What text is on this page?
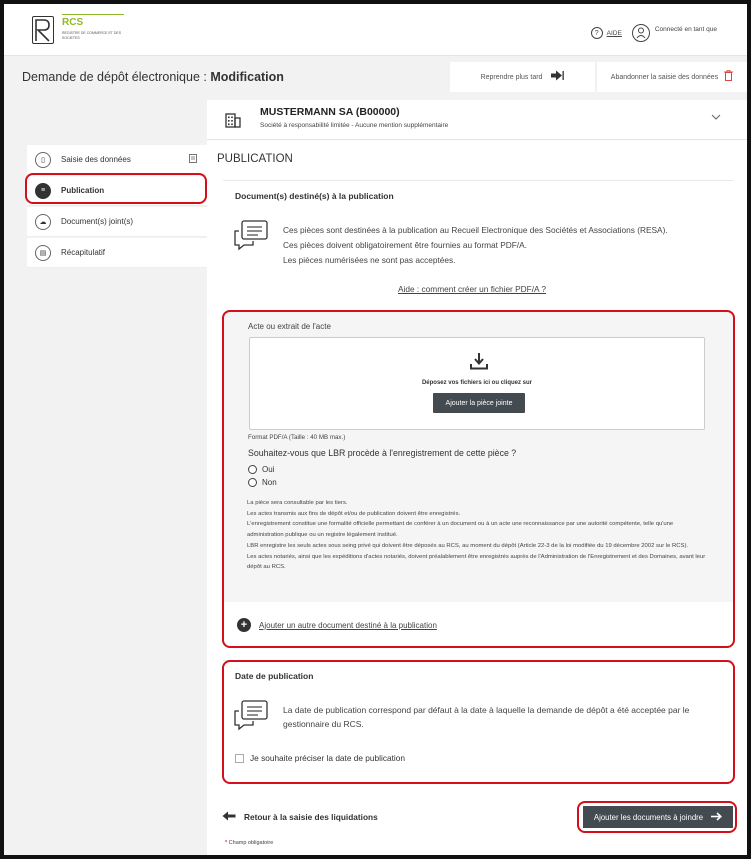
RCS
REGISTRE DE COMMERCE ET DES SOCIETES
?	AIDE
Connecté en tant que
Demande de dépôt électronique : Modification	Reprendre plus tard	Abandonner la saisie des données
MUSTERMANN SA (B00000)
Société à responsabilité limitée - Aucune mention supplémentaire
▯	Saisie des données
≡	Publication
☁	Document(s) joint(s)
▤	Récapitulatif
PUBLICATION
Document(s) destiné(s) à la publication
Ces pièces sont destinées à la publication au Recueil Electronique des Sociétés et Associations (RESA).
Ces pièces doivent obligatoirement être fournies au format PDF/A.
Les pièces numérisées ne sont pas acceptées.
Aide : comment créer un fichier PDF/A ?
Acte ou extrait de l'acte
Déposez vos fichiers ici ou cliquez sur
Ajouter la pièce jointe
Format PDF/A (Taille : 40 MB max.)
Souhaitez-vous que LBR procède à l'enregistrement de cette pièce ?
Oui
Non
La pièce sera consultable par les tiers.
Les actes transmis aux fins de dépôt et/ou de publication doivent être enregistrés.
L'enregistrement constitue une formalité officielle permettant de conférer à un document ou à un acte une reconnaissance par une autorité compétente, telle qu'une administration publique ou un registre légalement institué.
LBR enregistre les seuls actes sous seing privé qui doivent être déposés au RCS, au moment du dépôt (Article 22-3 de la loi modifiée du 19 décembre 2002 sur le RCS).
Les actes notariés, ainsi que les expéditions d'actes notariés, doivent préalablement être enregistrés auprès de l'Administration de l'Enregistrement et des Domaines, avant leur dépôt au RCS.
+	Ajouter un autre document destiné à la publication
Date de publication
La date de publication correspond par défaut à la date à laquelle la demande de dépôt a été acceptée par le gestionnaire du RCS.
Je souhaite préciser la date de publication
Retour à la saisie des liquidations	Ajouter les documents à joindre
* Champ obligatoire
